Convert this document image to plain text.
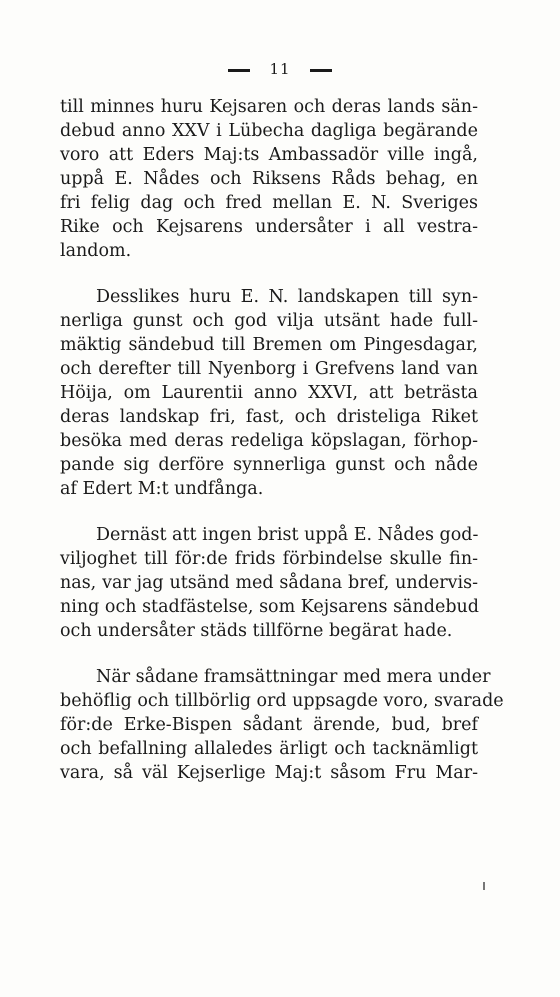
11
till minnes huru Kejsaren och deras lands sän-
debud anno XXV i Lübecha dagliga begärande
voro att Eders Maj:ts Ambassadör ville ingå,
uppå E. Nådes och Riksens Råds behag, en
fri felig dag och fred mellan E. N. Sveriges
Rike och Kejsarens undersåter i all vestra-
landom.
Desslikes huru E. N. landskapen till syn-
nerliga gunst och god vilja utsänt hade full-
mäktig sändebud till Bremen om Pingesdagar,
och derefter till Nyenborg i Grefvens land van
Höija, om Laurentii anno XXVI, att beträsta
deras landskap fri, fast, och dristeliga Riket
besöka med deras redeliga köpslagan, förhop-
pande sig derföre synnerliga gunst och nåde
af Edert M:t undfånga.
Dernäst att ingen brist uppå E. Nådes god-
viljoghet till för:de frids förbindelse skulle fin-
nas, var jag utsänd med sådana bref, undervis-
ning och stadfästelse, som Kejsarens sändebud
och undersåter städs tillförne begärat hade.
När sådane framsättningar med mera under
behöflig och tillbörlig ord uppsagde voro, svarade
för:de Erke-Bispen sådant ärende, bud, bref
och befallning allaledes ärligt och tacknämligt
vara, så väl Kejserlige Maj:t såsom Fru Mar-
